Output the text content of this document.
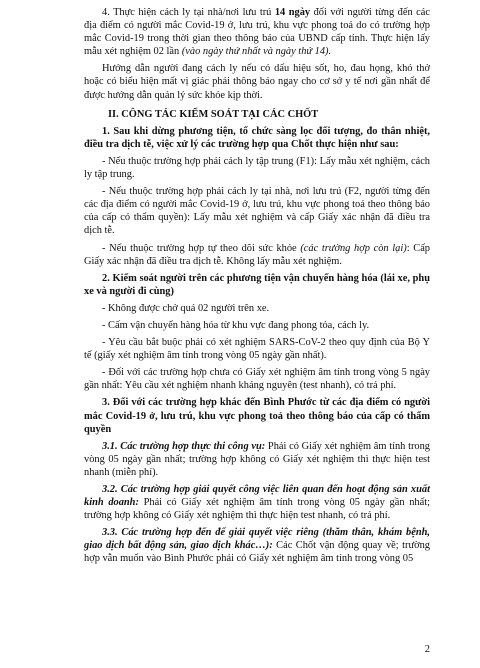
4. Thực hiện cách ly tại nhà/nơi lưu trú 14 ngày đối với người từng đến các địa điểm có người mắc Covid-19 ở, lưu trú, khu vực phong toả do có trường hợp mắc Covid-19 trong thời gian theo thông báo của UBND cấp tỉnh. Thực hiện lấy mẫu xét nghiệm 02 lần (vào ngày thứ nhất và ngày thứ 14).

Hướng dẫn người đang cách ly nếu có dấu hiệu sốt, ho, đau họng, khó thở hoặc có biểu hiện mất vị giác phải thông báo ngay cho cơ sở y tế nơi gần nhất để được hướng dẫn quản lý sức khỏe kịp thời.

II. CÔNG TÁC KIỂM SOÁT TẠI CÁC CHỐT

1. Sau khi dừng phương tiện, tổ chức sàng lọc đối tượng, đo thân nhiệt, điều tra dịch tễ, việc xử lý các trường hợp qua Chốt thực hiện như sau:

- Nếu thuộc trường hợp phải cách ly tập trung (F1): Lấy mẫu xét nghiệm, cách ly tập trung.

- Nếu thuộc trường hợp phải cách ly tại nhà, nơi lưu trú (F2, người từng đến các địa điểm có người mắc Covid-19 ở, lưu trú, khu vực phong toả theo thông báo của cấp có thẩm quyền): Lấy mẫu xét nghiệm và cấp Giấy xác nhận đã điều tra dịch tễ.

- Nếu thuộc trường hợp tự theo dõi sức khỏe (các trường hợp còn lại): Cấp Giấy xác nhận đã điều tra dịch tễ. Không lấy mẫu xét nghiệm.

2. Kiểm soát người trên các phương tiện vận chuyển hàng hóa (lái xe, phụ xe và người đi cùng)

- Không được chở quá 02 người trên xe.

- Cấm vận chuyển hàng hóa từ khu vực đang phong tỏa, cách ly.

- Yêu cầu bắt buộc phải có xét nghiệm SARS-CoV-2 theo quy định của Bộ Y tế (giấy xét nghiệm âm tính trong vòng 05 ngày gần nhất).

- Đối với các trường hợp chưa có Giấy xét nghiệm âm tính trong vòng 5 ngày gần nhất: Yêu cầu xét nghiệm nhanh kháng nguyên (test nhanh), có trả phí.

3. Đối với các trường hợp khác đến Bình Phước từ các địa điểm có người mắc Covid-19 ở, lưu trú, khu vực phong toả theo thông báo của cấp có thẩm quyền

3.1. Các trường hợp thực thi công vụ: Phải có Giấy xét nghiệm âm tính trong vòng 05 ngày gần nhất; trường hợp không có Giấy xét nghiệm thì thực hiện test nhanh (miễn phí).

3.2. Các trường hợp giải quyết công việc liên quan đến hoạt động sản xuất kinh doanh: Phải có Giấy xét nghiệm âm tính trong vòng 05 ngày gần nhất; trường hợp không có Giấy xét nghiệm thì thực hiện test nhanh, có trả phí.

3.3. Các trường hợp đến để giải quyết việc riêng (thăm thân, khám bệnh, giao dịch bất động sản, giao dịch khác…): Các Chốt vận động quay về; trường hợp vẫn muốn vào Bình Phước phải có Giấy xét nghiệm âm tính trong vòng 05

2
